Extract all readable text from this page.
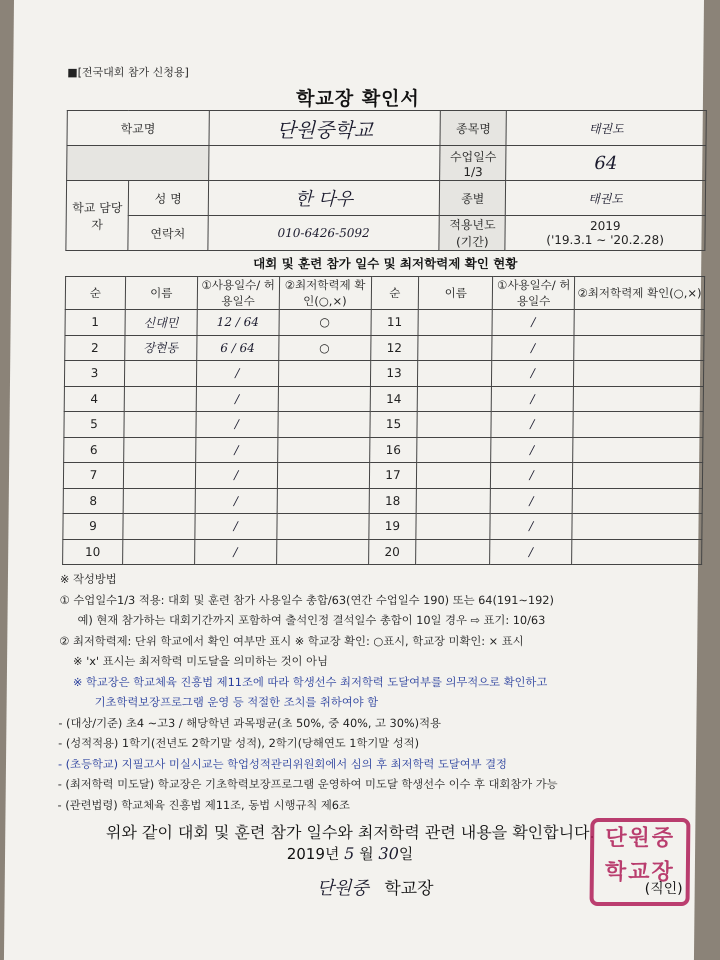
■[전국대회 참가 신청용]
학교장 확인서
학교명		단원중학교	종목명	태권도
			수업일수 1/3	64
학교 담당자	성 명	한 다우	종별	태권도
	연락처	010-6426-5092	적용년도 (기간)	2019
('19.3.1 ~ '20.2.28)
대회 및 훈련 참가 일수 및 최저학력제 확인 현황
순	이름	①사용일수/ 허용일수	②최저학력제 확인(○,×)	순	이름	①사용일수/ 허용일수	②최저학력제 확인(○,×)
1	신대민	12 / 64	○	11		/	
2	장현동	6 / 64	○	12		/	
3		/		13		/	
4		/		14		/	
5		/		15		/	
6		/		16		/	
7		/		17		/	
8		/		18		/	
9		/		19		/	
10		/		20		/	
※ 작성방법
① 수업일수1/3 적용: 대회 및 훈련 참가 사용일수 총합/63(연간 수업일수 190) 또는 64(191~192)
예) 현재 참가하는 대회기간까지 포함하여 출석인정 결석일수 총합이 10일 경우 ⇨ 표기: 10/63
② 최저학력제: 단위 학교에서 확인 여부만 표시 ※ 학교장 확인: ○표시, 학교장 미확인: × 표시
※ 'x' 표시는 최저학력 미도달을 의미하는 것이 아님
※ 학교장은 학교체육 진흥법 제11조에 따라 학생선수 최저학력 도달여부를 의무적으로 확인하고
기초학력보장프로그램 운영 등 적절한 조치를 취하여야 함
- (대상/기준) 초4 ~고3 / 해당학년 과목평균(초 50%, 중 40%, 고 30%)적용
- (성적적용) 1학기(전년도 2학기말 성적), 2학기(당해연도 1학기말 성적)
- (초등학교) 지필고사 미실시교는 학업성적관리위원회에서 심의 후 최저학력 도달여부 결정
- (최저학력 미도달) 학교장은 기초학력보장프로그램 운영하여 미도달 학생선수 이수 후 대회참가 가능
- (관련법령) 학교체육 진흥법 제11조, 동법 시행규칙 제6조
위와 같이 대회 및 훈련 참가 일수와 최저학력 관련 내용을 확인합니다.
2019년 5 월 30일
단원중 학교장
단원중 학교장
(직인)
